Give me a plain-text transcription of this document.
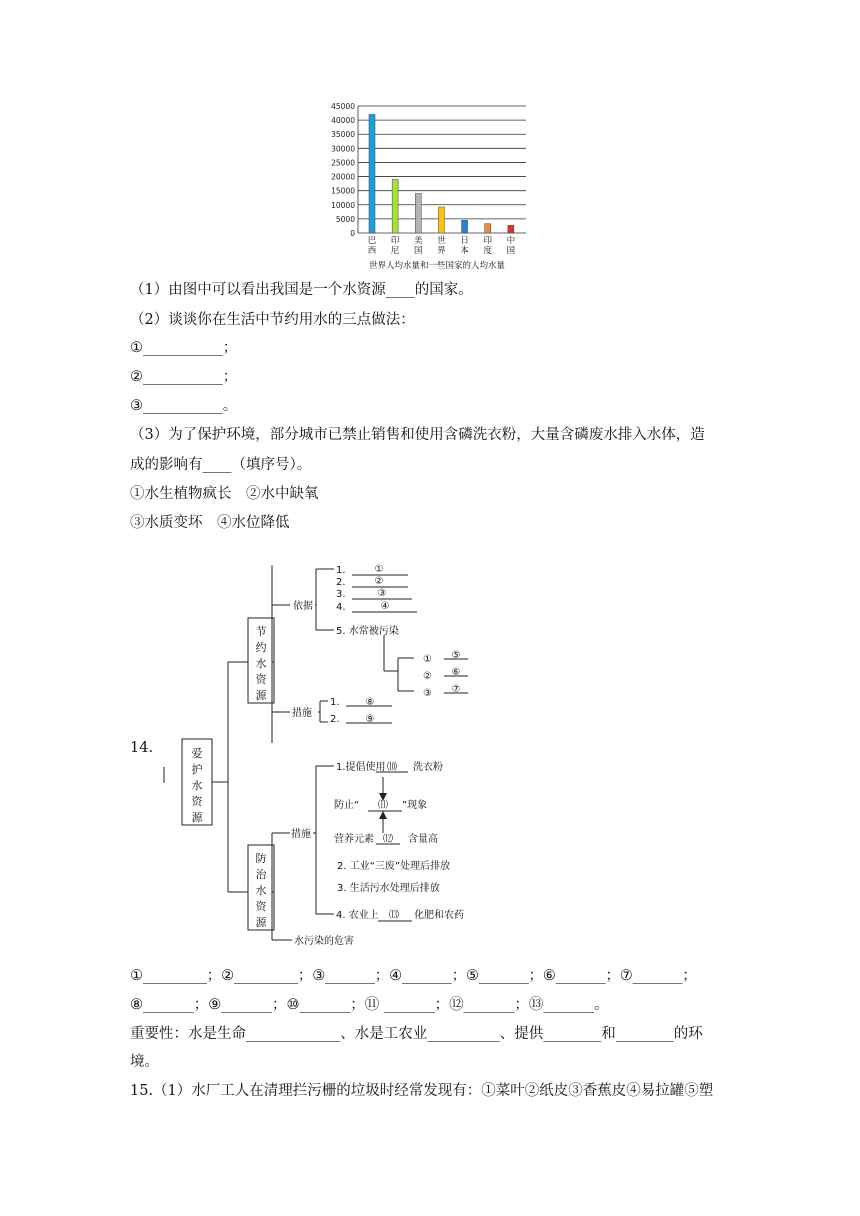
45000
40000
35000
30000
25000
20000
15000
10000
5000
0
巴
西
印
尼
美
国
世
界
日
本
印
度
中
国
世界人均水量和一些国家的人均水量
（1）由图中可以看出我国是一个水资源____的国家。
（2）谈谈你在生活中节约用水的三点做法：
①___________；
②___________；
③___________。
（3）为了保护环境，部分城市已禁止销售和使用含磷洗衣粉，大量含磷废水排入水体，造
成的影响有____（填序号）。
①水生植物疯长　②水中缺氧
③水质变坏　④水位降低
14.	爱
护
水
资
源
节
约
水
资
源
防
治
水
资
源
依据
措施
措施
1.
2.
3.
4.
①
②
③
④
5. 水常被污染
①
②
③
⑤
⑥
⑦
1.
2.
⑧
⑨
1.提倡使用 ⑽ 洗衣粉
防止“ ⑾ ”现象
营养元素 ⑿ 含量高
2. 工业“三废”处理后排放
3. 生活污水处理后排放
4. 农业上 ⒀ 化肥和农药
水污染的危害
①_________；②_________；③_______；④_______；⑤_______；⑥_______；⑦_______；
⑧_______；⑨_______；⑩_______；⑪ _______；⑫_______；⑬_______。
重要性：水是生命_____________、水是工农业__________、提供________和________的环
境。
15.（1）水厂工人在清理拦污栅的垃圾时经常发现有：①菜叶②纸皮③香蕉皮④易拉罐⑤塑
